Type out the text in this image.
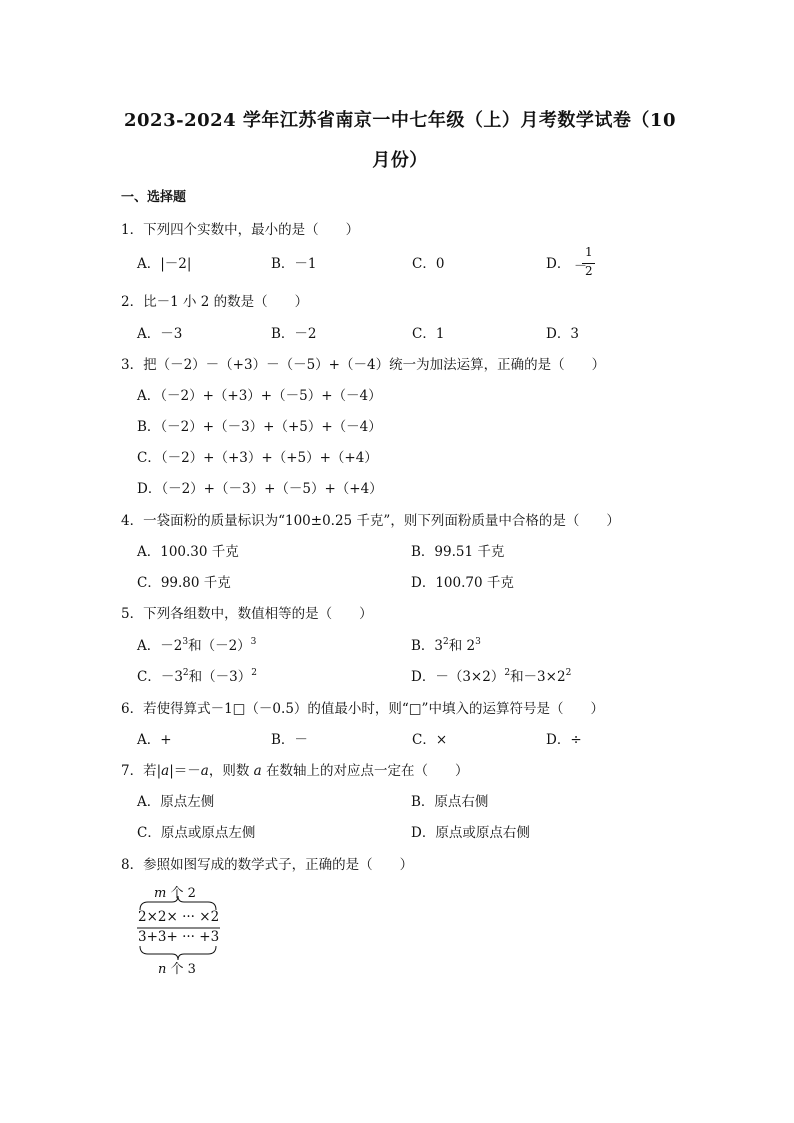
2023-2024 学年江苏省南京一中七年级（上）月考数学试卷（10
月份）
一、选择题
1．下列四个实数中，最小的是（　　）
A．|－2|	B．－1	C．0	D． －
1
2
2．比－1 小 2 的数是（　　）
A．－3	B．－2	C．1	D．3
3．把（－2）－（+3）－（－5）+（－4）统一为加法运算，正确的是（　　）
A．（－2）+（+3）+（－5）+（－4）
B．（－2）+（－3）+（+5）+（－4）
C．（－2）+（+3）+（+5）+（+4）
D．（－2）+（－3）+（－5）+（+4）
4．一袋面粉的质量标识为“100±0.25 千克”，则下列面粉质量中合格的是（　　）
A．100.30 千克	B．99.51 千克
C．99.80 千克	D．100.70 千克
5．下列各组数中，数值相等的是（　　）
A．$-2^3$和$(-2)^3$	B．$3^2$和 $2^3$
C．$-3^2$和$(-3)^2$	D．$-(3\times 2)^2$和$-3\times 2^2$
6．若使得算式－1□（－0.5）的值最小时，则“□”中填入的运算符号是（　　）
A．+	B．－	C．×	D．÷
7．若|a|＝－a，则数 a 在数轴上的对应点一定在（　　）
A．原点左侧	B．原点右侧
C．原点或原点左侧	D．原点或原点右侧
8．参照如图写成的数学式子，正确的是（　　）
m 个 2
2×2× ··· ×2
3+3+ ··· +3
n 个 3
